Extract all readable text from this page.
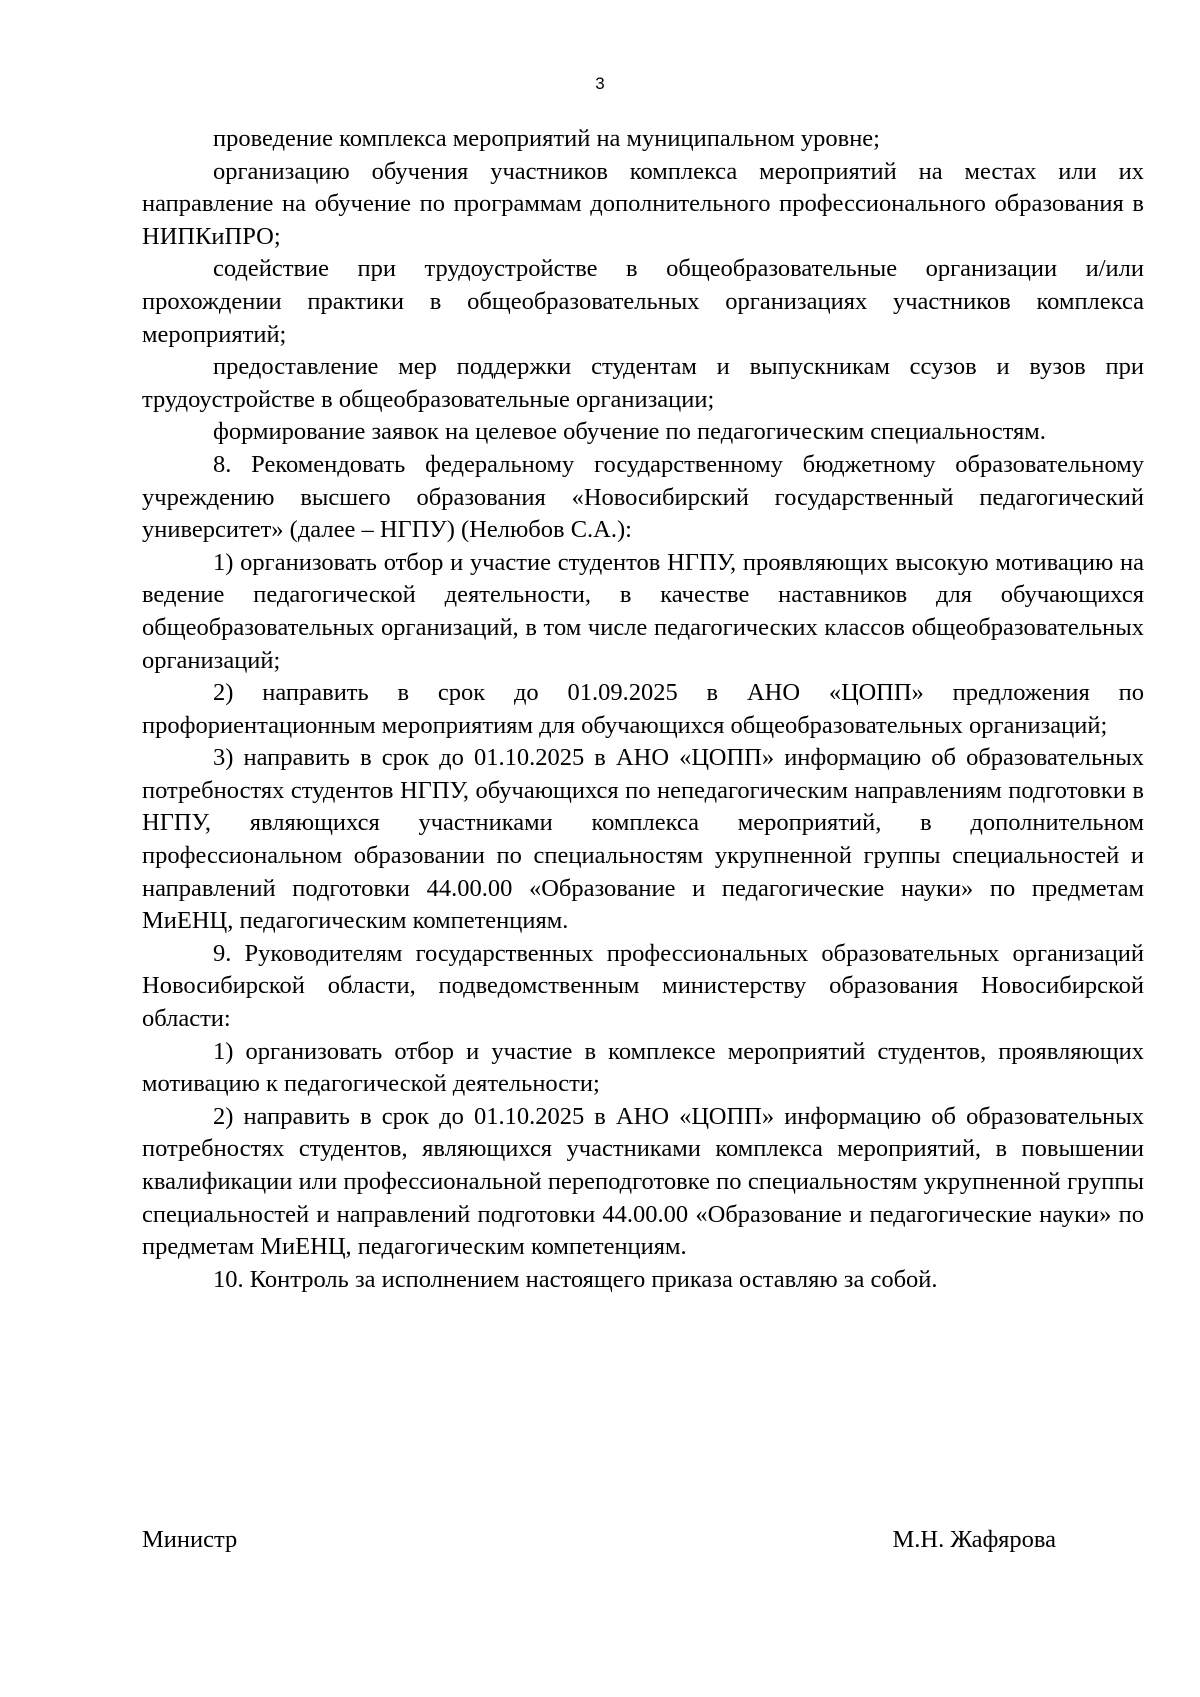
3

проведение комплекса мероприятий на муниципальном уровне;

организацию обучения участников комплекса мероприятий на местах или их направление на обучение по программам дополнительного профессионального образования в НИПКиПРО;

содействие при трудоустройстве в общеобразовательные организации и/или прохождении практики в общеобразовательных организациях участников комплекса мероприятий;

предоставление мер поддержки студентам и выпускникам ссузов и вузов при трудоустройстве в общеобразовательные организации;

формирование заявок на целевое обучение по педагогическим специальностям.

8. Рекомендовать федеральному государственному бюджетному образовательному учреждению высшего образования «Новосибирский государственный педагогический университет» (далее – НГПУ) (Нелюбов С.А.):

1) организовать отбор и участие студентов НГПУ, проявляющих высокую мотивацию на ведение педагогической деятельности, в качестве наставников для обучающихся общеобразовательных организаций, в том числе педагогических классов общеобразовательных организаций;

2) направить в срок до 01.09.2025 в АНО «ЦОПП» предложения по профориентационным мероприятиям для обучающихся общеобразовательных организаций;

3) направить в срок до 01.10.2025 в АНО «ЦОПП» информацию об образовательных потребностях студентов НГПУ, обучающихся по непедагогическим направлениям подготовки в НГПУ, являющихся участниками комплекса мероприятий, в дополнительном профессиональном образовании по специальностям укрупненной группы специальностей и направлений подготовки 44.00.00 «Образование и педагогические науки» по предметам МиЕНЦ, педагогическим компетенциям.

9. Руководителям государственных профессиональных образовательных организаций Новосибирской области, подведомственным министерству образования Новосибирской области:

1) организовать отбор и участие в комплексе мероприятий студентов, проявляющих мотивацию к педагогической деятельности;

2) направить в срок до 01.10.2025 в АНО «ЦОПП» информацию об образовательных потребностях студентов, являющихся участниками комплекса мероприятий, в повышении квалификации или профессиональной переподготовке по специальностям укрупненной группы специальностей и направлений подготовки 44.00.00 «Образование и педагогические науки» по предметам МиЕНЦ, педагогическим компетенциям.

10. Контроль за исполнением настоящего приказа оставляю за собой.

Министр	М.Н. Жафярова
